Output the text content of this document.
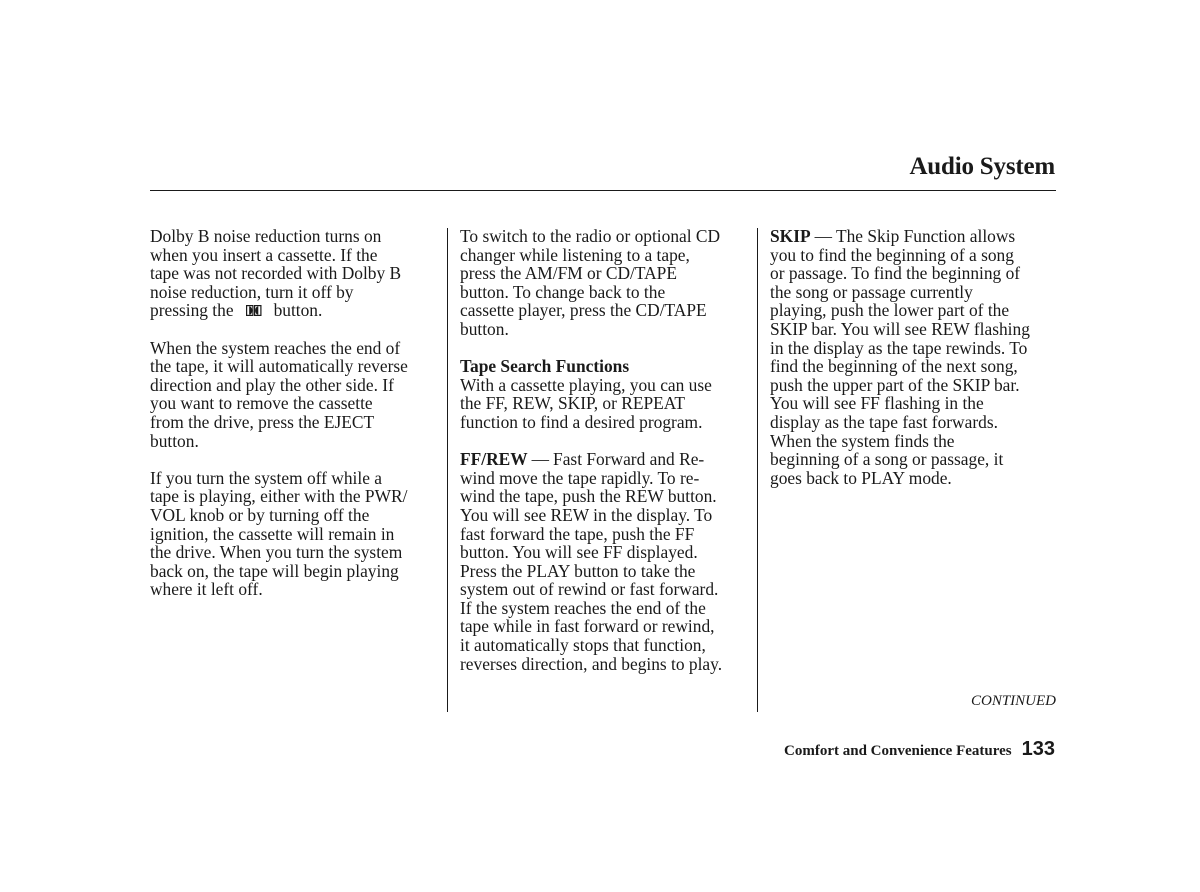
Audio System

Dolby B noise reduction turns on

when you insert a cassette. If the

tape was not recorded with Dolby B

noise reduction, turn it off by

pressing the button.

When the system reaches the end of

the tape, it will automatically reverse

direction and play the other side. If

you want to remove the cassette

from the drive, press the EJECT

button.

If you turn the system off while a

tape is playing, either with the PWR/

VOL knob or by turning off the

ignition, the cassette will remain in

the drive. When you turn the system

back on, the tape will begin playing

where it left off.

To switch to the radio or optional CD

changer while listening to a tape,

press the AM/FM or CD/TAPE

button. To change back to the

cassette player, press the CD/TAPE

button.

Tape Search Functions

With a cassette playing, you can use

the FF, REW, SKIP, or REPEAT

function to find a desired program.

FF/REW — Fast Forward and Re-

wind move the tape rapidly. To re-

wind the tape, push the REW button.

You will see REW in the display. To

fast forward the tape, push the FF

button. You will see FF displayed.

Press the PLAY button to take the

system out of rewind or fast forward.

If the system reaches the end of the

tape while in fast forward or rewind,

it automatically stops that function,

reverses direction, and begins to play.

SKIP — The Skip Function allows

you to find the beginning of a song

or passage. To find the beginning of

the song or passage currently

playing, push the lower part of the

SKIP bar. You will see REW flashing

in the display as the tape rewinds. To

find the beginning of the next song,

push the upper part of the SKIP bar.

You will see FF flashing in the

display as the tape fast forwards.

When the system finds the

beginning of a song or passage, it

goes back to PLAY mode.

CONTINUED
Comfort and Convenience Features 133
